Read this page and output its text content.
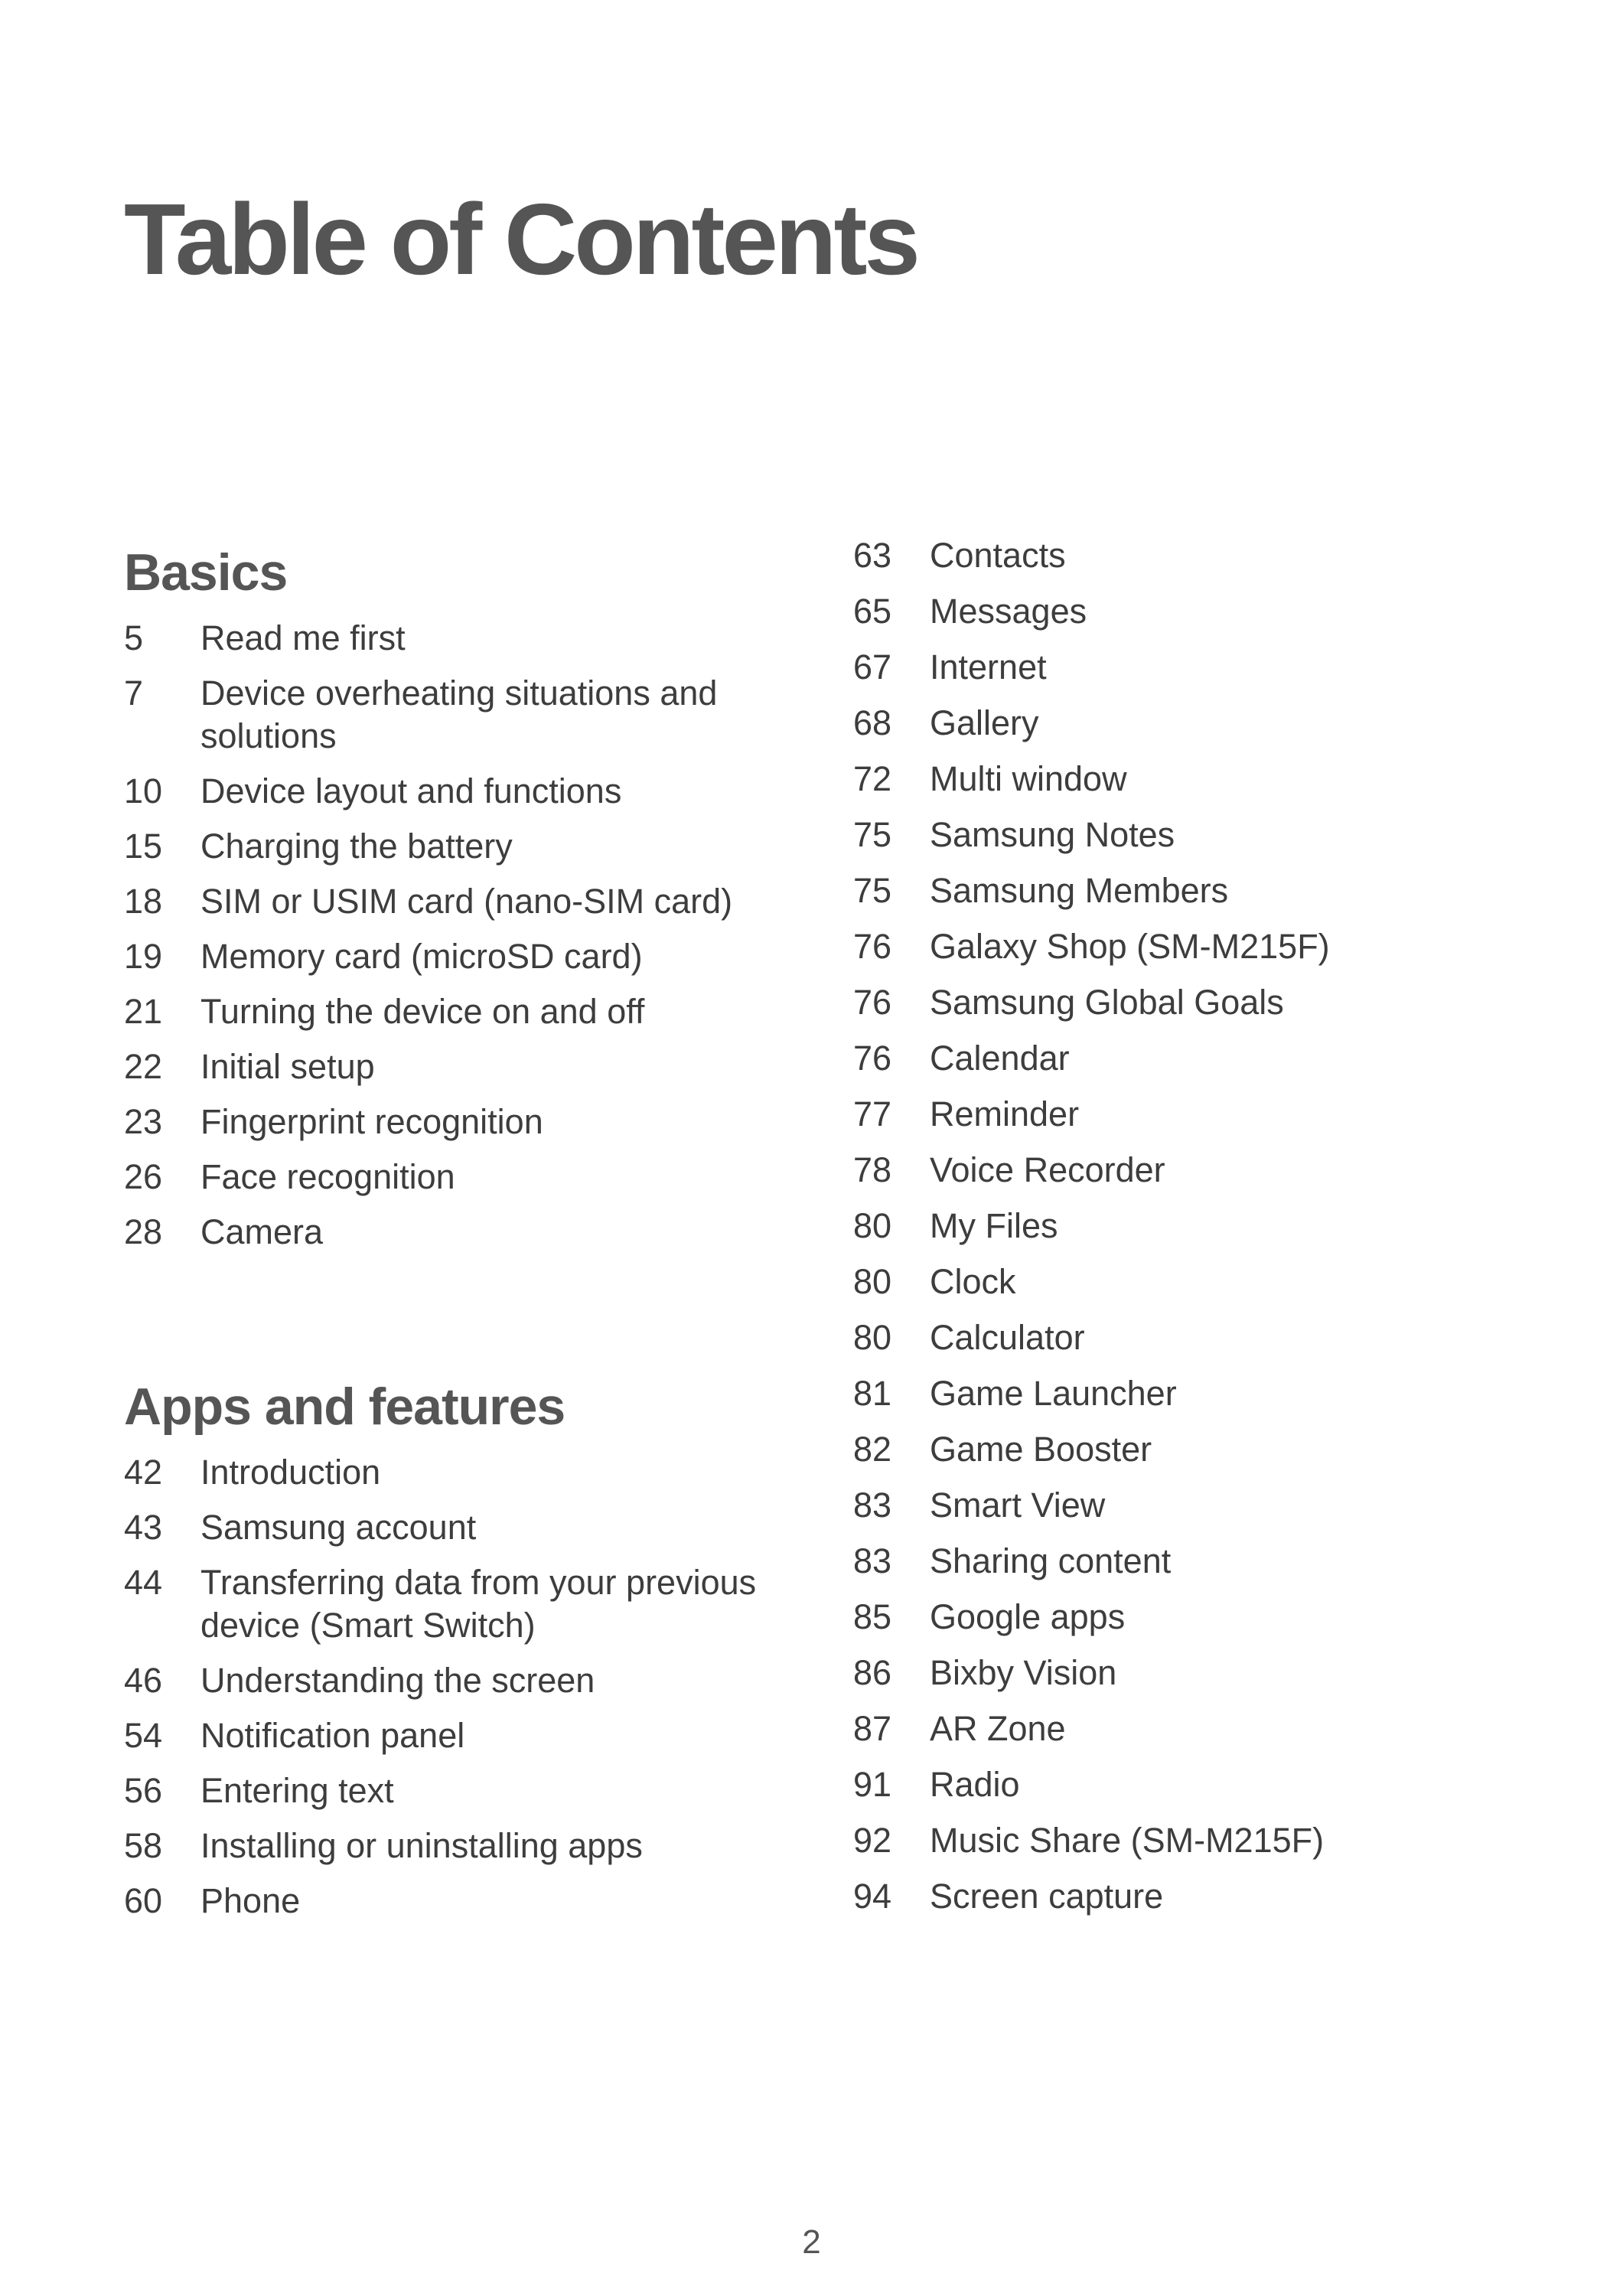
Table of Contents
Basics
5	Read me first
7	Device overheating situations and solutions
10	Device layout and functions
15	Charging the battery
18	SIM or USIM card (nano-SIM card)
19	Memory card (microSD card)
21	Turning the device on and off
22	Initial setup
23	Fingerprint recognition
26	Face recognition
28	Camera
Apps and features
42	Introduction
43	Samsung account
44	Transferring data from your previous device (Smart Switch)
46	Understanding the screen
54	Notification panel
56	Entering text
58	Installing or uninstalling apps
60	Phone
63	Contacts
65	Messages
67	Internet
68	Gallery
72	Multi window
75	Samsung Notes
75	Samsung Members
76	Galaxy Shop (SM-M215F)
76	Samsung Global Goals
76	Calendar
77	Reminder
78	Voice Recorder
80	My Files
80	Clock
80	Calculator
81	Game Launcher
82	Game Booster
83	Smart View
83	Sharing content
85	Google apps
86	Bixby Vision
87	AR Zone
91	Radio
92	Music Share (SM-M215F)
94	Screen capture
2
